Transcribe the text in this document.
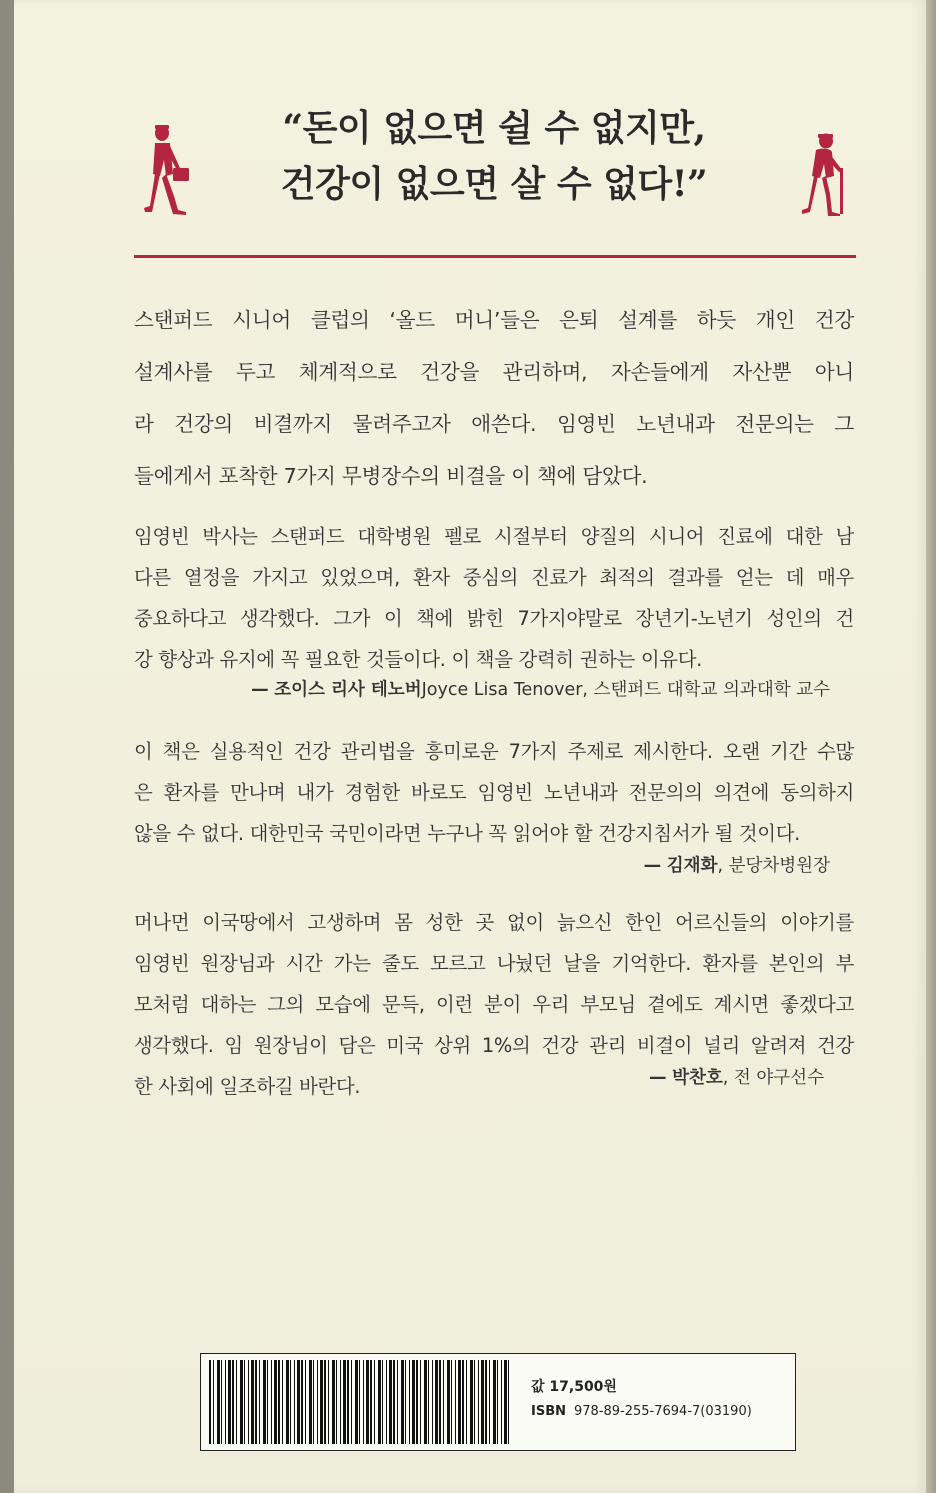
“돈이 없으면 쉴 수 없지만,
건강이 없으면 살 수 없다!”
스탠퍼드 시니어 클럽의 ‘올드 머니’들은 은퇴 설계를 하듯 개인 건강
설계사를 두고 체계적으로 건강을 관리하며, 자손들에게 자산뿐 아니
라 건강의 비결까지 물려주고자 애쓴다. 임영빈 노년내과 전문의는 그
들에게서 포착한 7가지 무병장수의 비결을 이 책에 담았다.
임영빈 박사는 스탠퍼드 대학병원 펠로 시절부터 양질의 시니어 진료에 대한 남
다른 열정을 가지고 있었으며, 환자 중심의 진료가 최적의 결과를 얻는 데 매우
중요하다고 생각했다. 그가 이 책에 밝힌 7가지야말로 장년기-노년기 성인의 건
강 향상과 유지에 꼭 필요한 것들이다. 이 책을 강력히 권하는 이유다.
— 조이스 리사 테노버Joyce Lisa Tenover, 스탠퍼드 대학교 의과대학 교수
이 책은 실용적인 건강 관리법을 흥미로운 7가지 주제로 제시한다. 오랜 기간 수많
은 환자를 만나며 내가 경험한 바로도 임영빈 노년내과 전문의의 의견에 동의하지
않을 수 없다. 대한민국 국민이라면 누구나 꼭 읽어야 할 건강지침서가 될 것이다.
— 김재화, 분당차병원장
머나먼 이국땅에서 고생하며 몸 성한 곳 없이 늙으신 한인 어르신들의 이야기를
임영빈 원장님과 시간 가는 줄도 모르고 나눴던 날을 기억한다. 환자를 본인의 부
모처럼 대하는 그의 모습에 문득, 이런 분이 우리 부모님 곁에도 계시면 좋겠다고
생각했다. 임 원장님이 담은 미국 상위 1%의 건강 관리 비결이 널리 알려져 건강
한 사회에 일조하길 바란다.	— 박찬호, 전 야구선수
값 17,500원
ISBN 978-89-255-7694-7(03190)
